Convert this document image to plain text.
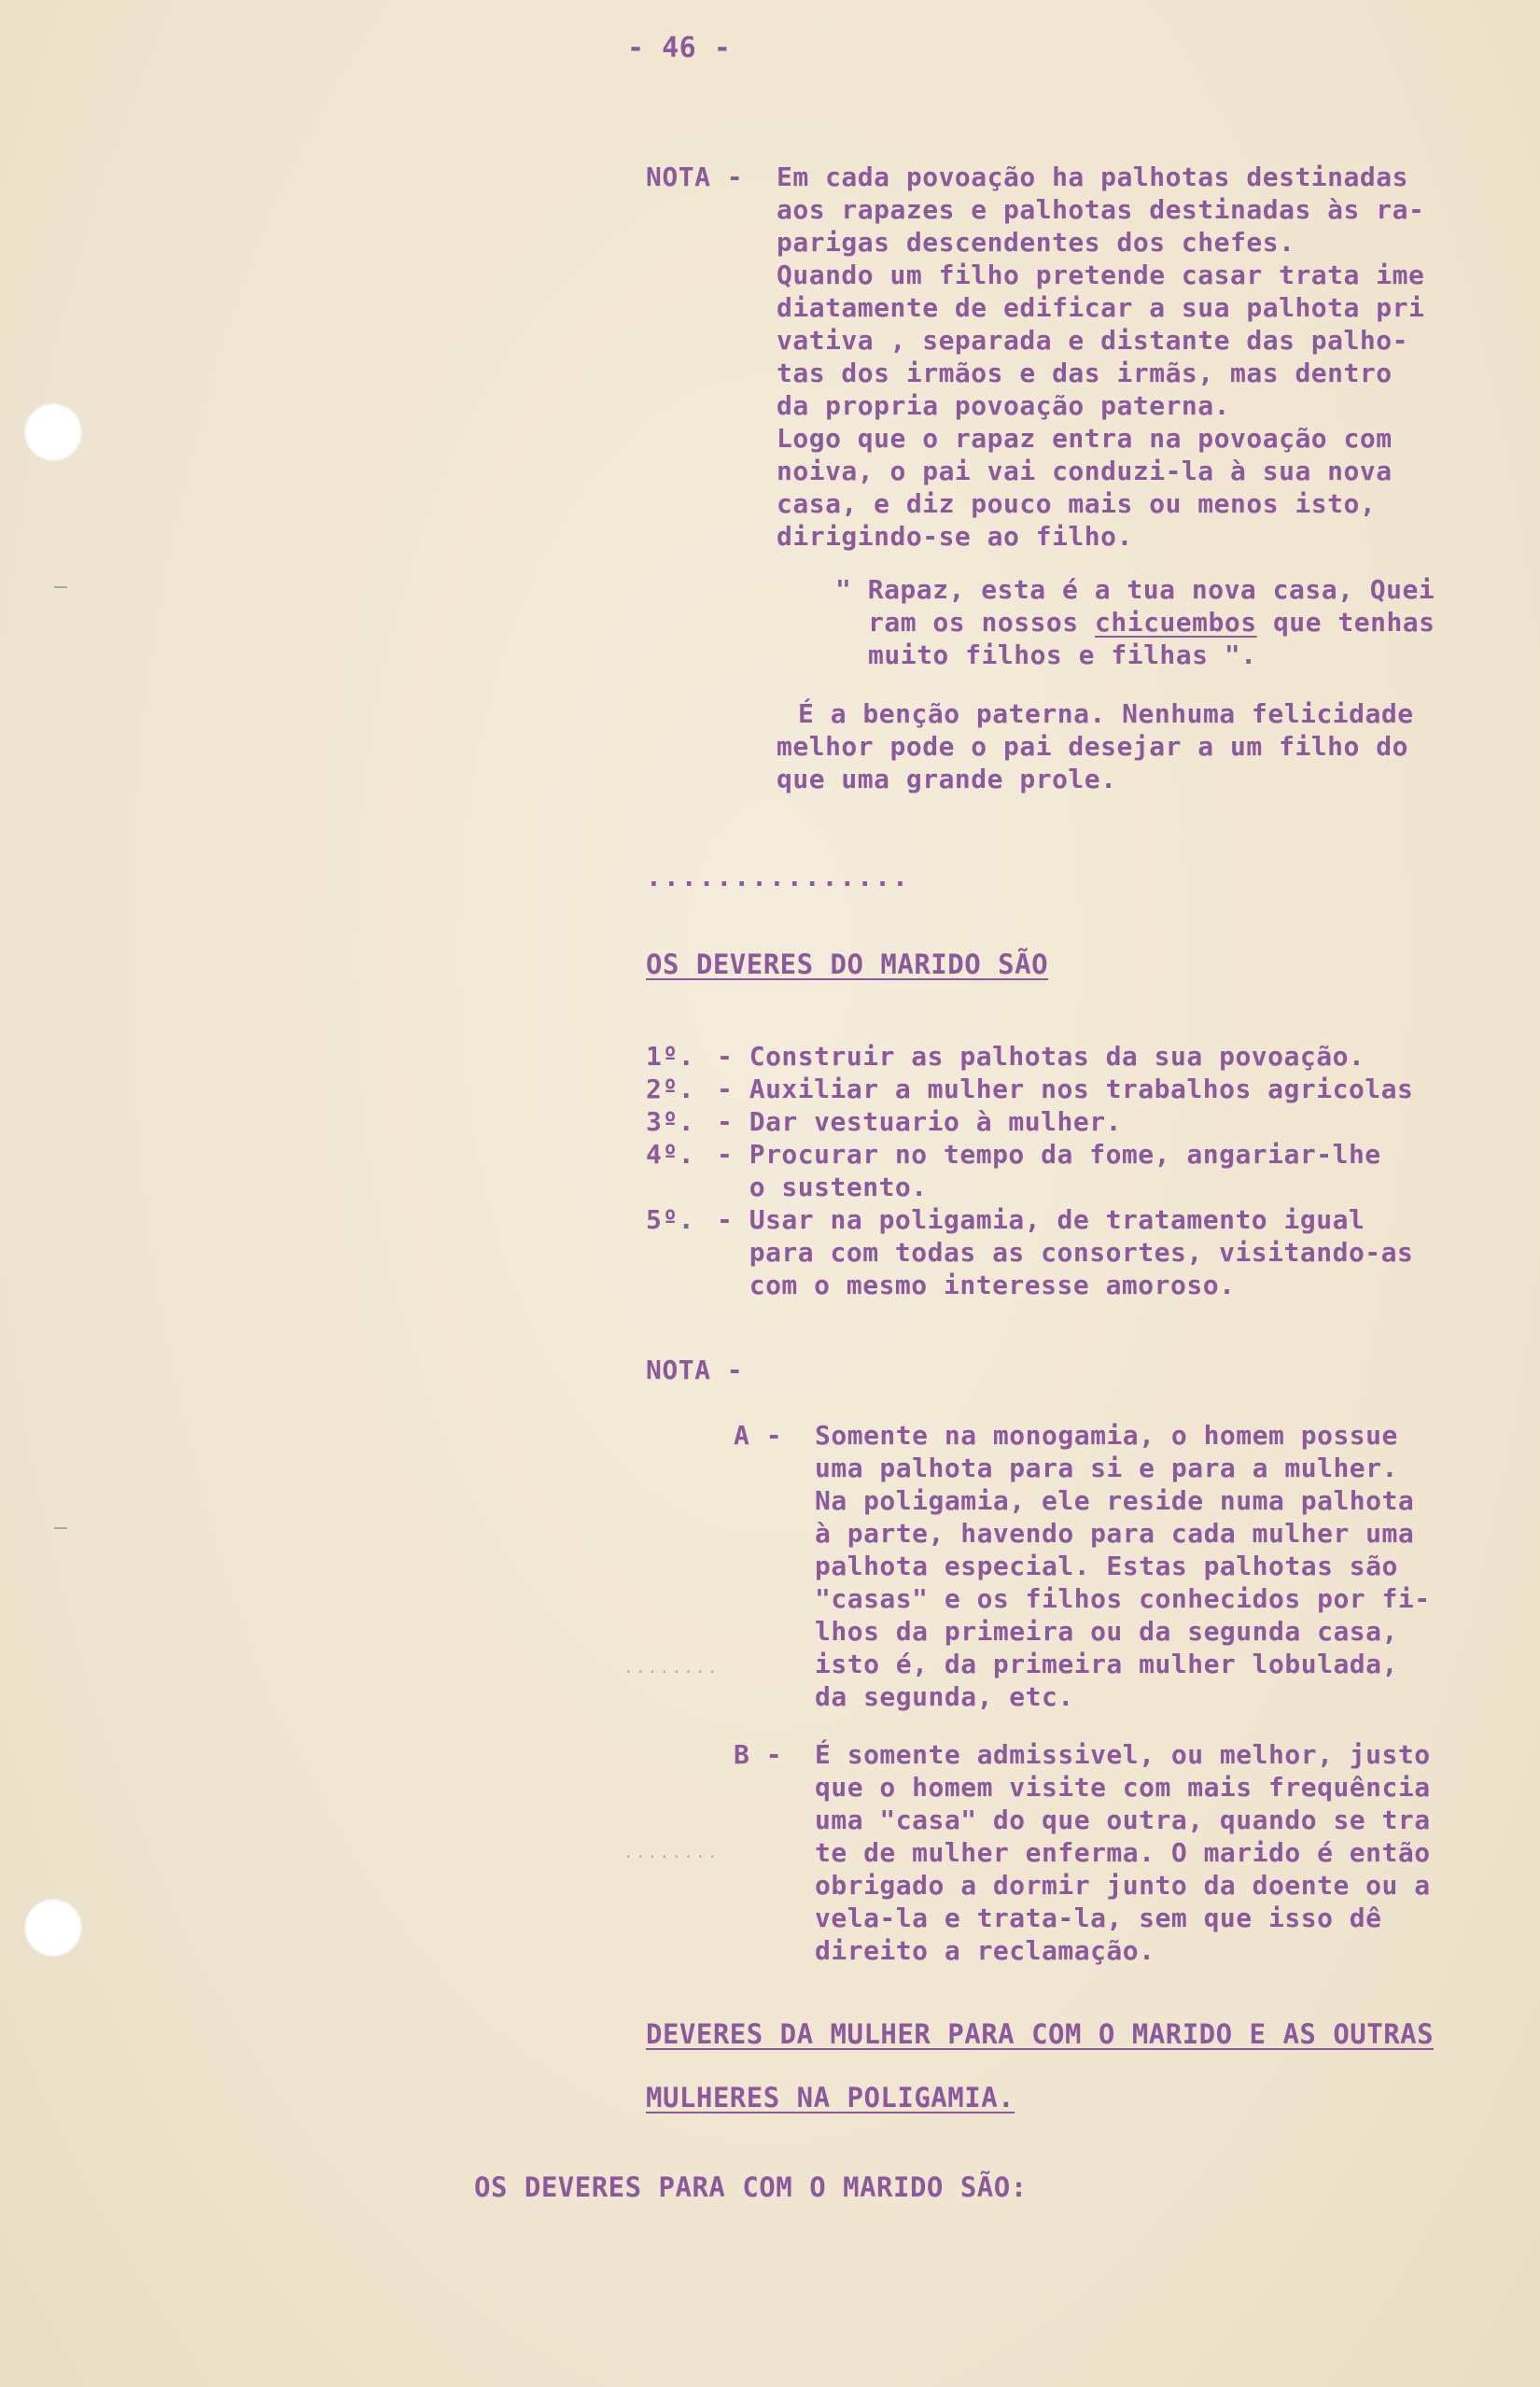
- 46 -
NOTA - Em cada povoação ha palhotas destinadas
aos rapazes e palhotas destinadas às ra-
parigas descendentes dos chefes.
Quando um filho pretende casar trata ime
diatamente de edificar a sua palhota pri
vativa , separada e distante das palho-
tas dos irmãos e das irmãs, mas dentro
da propria povoação paterna.
Logo que o rapaz entra na povoação com
noiva, o pai vai conduzi-la à sua nova
casa, e diz pouco mais ou menos isto,
dirigindo-se ao filho.
" Rapaz, esta é a tua nova casa, Quei
ram os nossos chicuembos que tenhas
muito filhos e filhas ".
É a benção paterna. Nenhuma felicidade
melhor pode o pai desejar a um filho do
que uma grande prole.
...............
OS DEVERES DO MARIDO SÃO
1º. - Construir as palhotas da sua povoação.
2º. - Auxiliar a mulher nos trabalhos agricolas
3º. - Dar vestuario à mulher.
4º. - Procurar no tempo da fome, angariar-lhe
o sustento.
5º. - Usar na poligamia, de tratamento igual
para com todas as consortes, visitando-as
com o mesmo interesse amoroso.
NOTA -
A - Somente na monogamia, o homem possue
uma palhota para si e para a mulher.
Na poligamia, ele reside numa palhota
à parte, havendo para cada mulher uma
palhota especial. Estas palhotas são
"casas" e os filhos conhecidos por fi-
lhos da primeira ou da segunda casa,
isto é, da primeira mulher lobulada,
da segunda, etc.
........
B - É somente admissivel, ou melhor, justo
que o homem visite com mais frequência
uma "casa" do que outra, quando se tra
te de mulher enferma. O marido é então
obrigado a dormir junto da doente ou a
vela-la e trata-la, sem que isso dê
direito a reclamação.
........
DEVERES DA MULHER PARA COM O MARIDO E AS OUTRAS
MULHERES NA POLIGAMIA.
OS DEVERES PARA COM O MARIDO SÃO:
